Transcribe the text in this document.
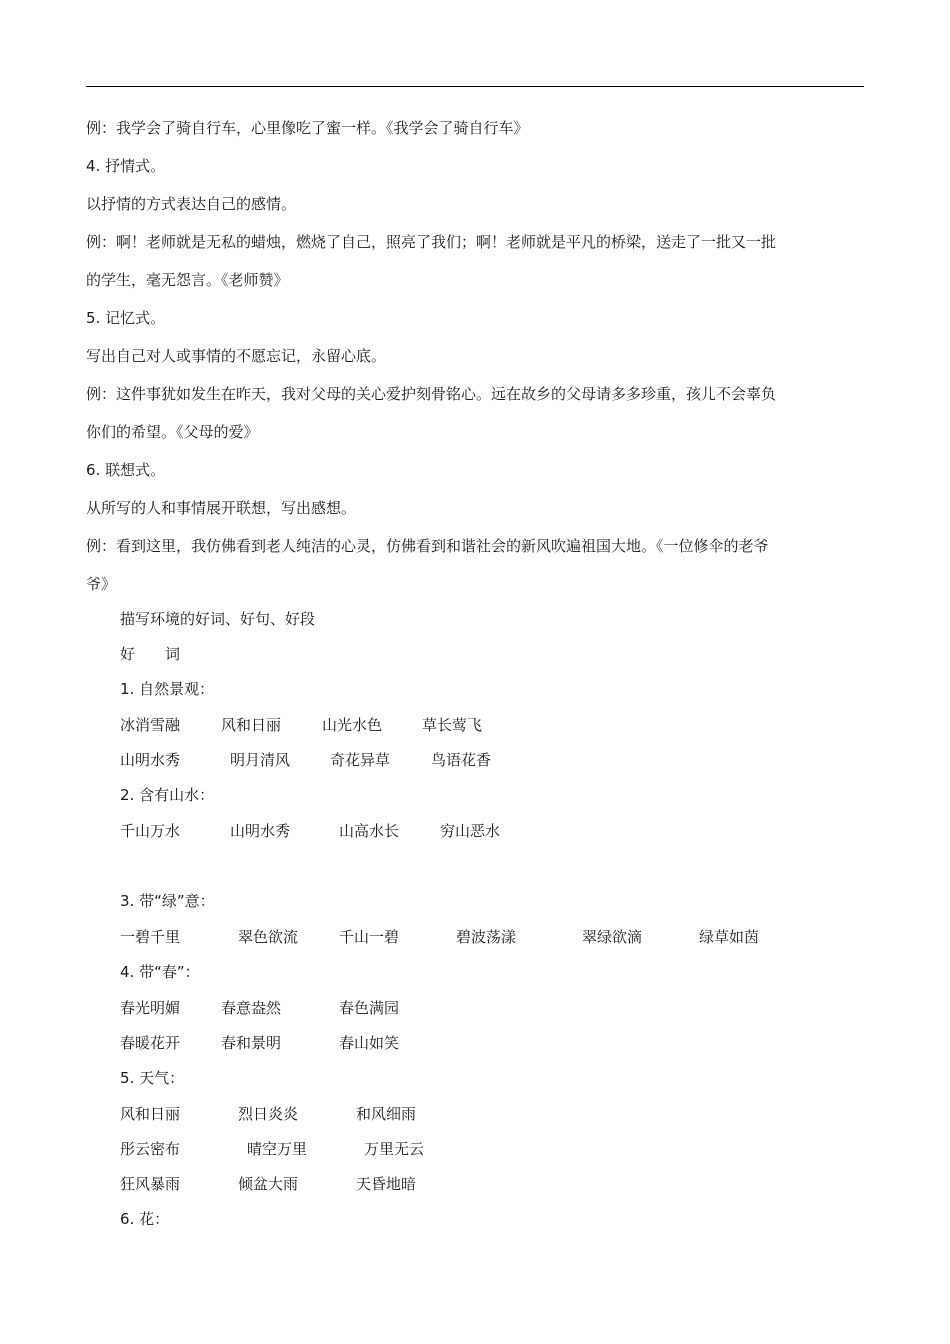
例：我学会了骑自行车，心里像吃了蜜一样。《我学会了骑自行车》
4. 抒情式。
以抒情的方式表达自己的感情。
例：啊！老师就是无私的蜡烛，燃烧了自己，照亮了我们；啊！老师就是平凡的桥梁，送走了一批又一批
的学生，毫无怨言。《老师赞》
5. 记忆式。
写出自己对人或事情的不愿忘记，永留心底。
例：这件事犹如发生在昨天，我对父母的关心爱护刻骨铭心。远在故乡的父母请多多珍重，孩儿不会辜负
你们的希望。《父母的爱》
6. 联想式。
从所写的人和事情展开联想，写出感想。
例：看到这里，我仿佛看到老人纯洁的心灵，仿佛看到和谐社会的新风吹遍祖国大地。《一位修伞的老爷
爷》
描写环境的好词、好句、好段
好　　词
1. 自然景观：
冰消雪融	风和日丽	山光水色	草长莺飞
山明水秀	明月清风	奇花异草	鸟语花香
2. 含有山水：
千山万水	山明水秀	山高水长	穷山恶水
3. 带“绿”意：
一碧千里	翠色欲流	千山一碧	碧波荡漾	翠绿欲滴	绿草如茵
4. 带“春”：
春光明媚	春意盎然	春色满园
春暖花开	春和景明	春山如笑
5. 天气：
风和日丽	烈日炎炎	和风细雨
彤云密布	晴空万里	万里无云
狂风暴雨	倾盆大雨	天昏地暗
6. 花：
